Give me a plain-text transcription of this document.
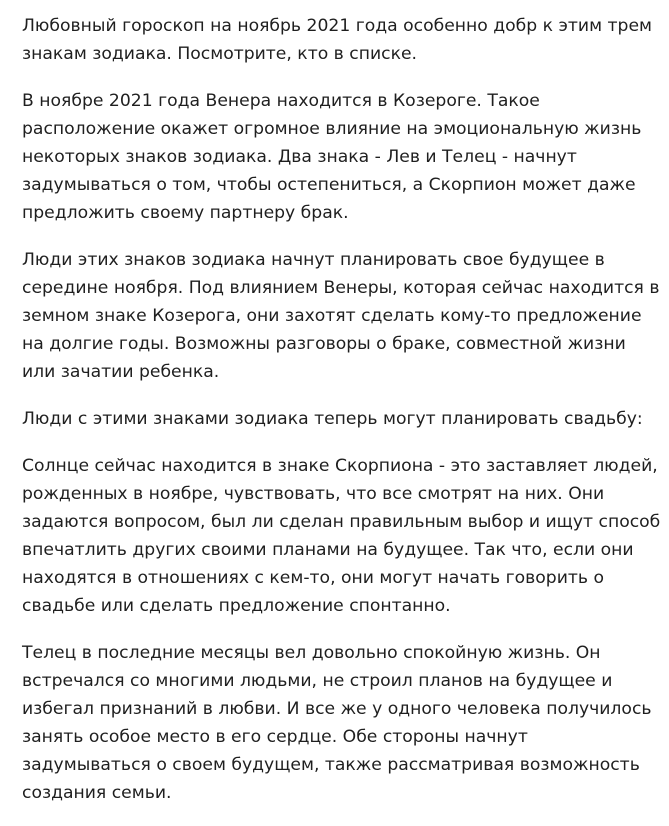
Любовный гороскоп на ноябрь 2021 года особенно добр к этим трем знакам зодиака. Посмотрите, кто в списке.

В ноябре 2021 года Венера находится в Козероге. Такое расположение окажет огромное влияние на эмоциональную жизнь некоторых знаков зодиака. Два знака - Лев и Телец - начнут задумываться о том, чтобы остепениться, а Скорпион может даже предложить своему партнеру брак.

Люди этих знаков зодиака начнут планировать свое будущее в середине ноября. Под влиянием Венеры, которая сейчас находится в земном знаке Козерога, они захотят сделать кому-то предложение на долгие годы. Возможны разговоры о браке, совместной жизни или зачатии ребенка.

Люди с этими знаками зодиака теперь могут планировать свадьбу:

Солнце сейчас находится в знаке Скорпиона - это заставляет людей, рожденных в ноябре, чувствовать, что все смотрят на них. Они задаются вопросом, был ли сделан правильным выбор и ищут способ впечатлить других своими планами на будущее. Так что, если они находятся в отношениях с кем-то, они могут начать говорить о свадьбе или сделать предложение спонтанно.

Телец в последние месяцы вел довольно спокойную жизнь. Он встречался со многими людьми, не строил планов на будущее и избегал признаний в любви. И все же у одного человека получилось занять особое место в его сердце. Обе стороны начнут задумываться о своем будущем, также рассматривая возможность создания семьи.
